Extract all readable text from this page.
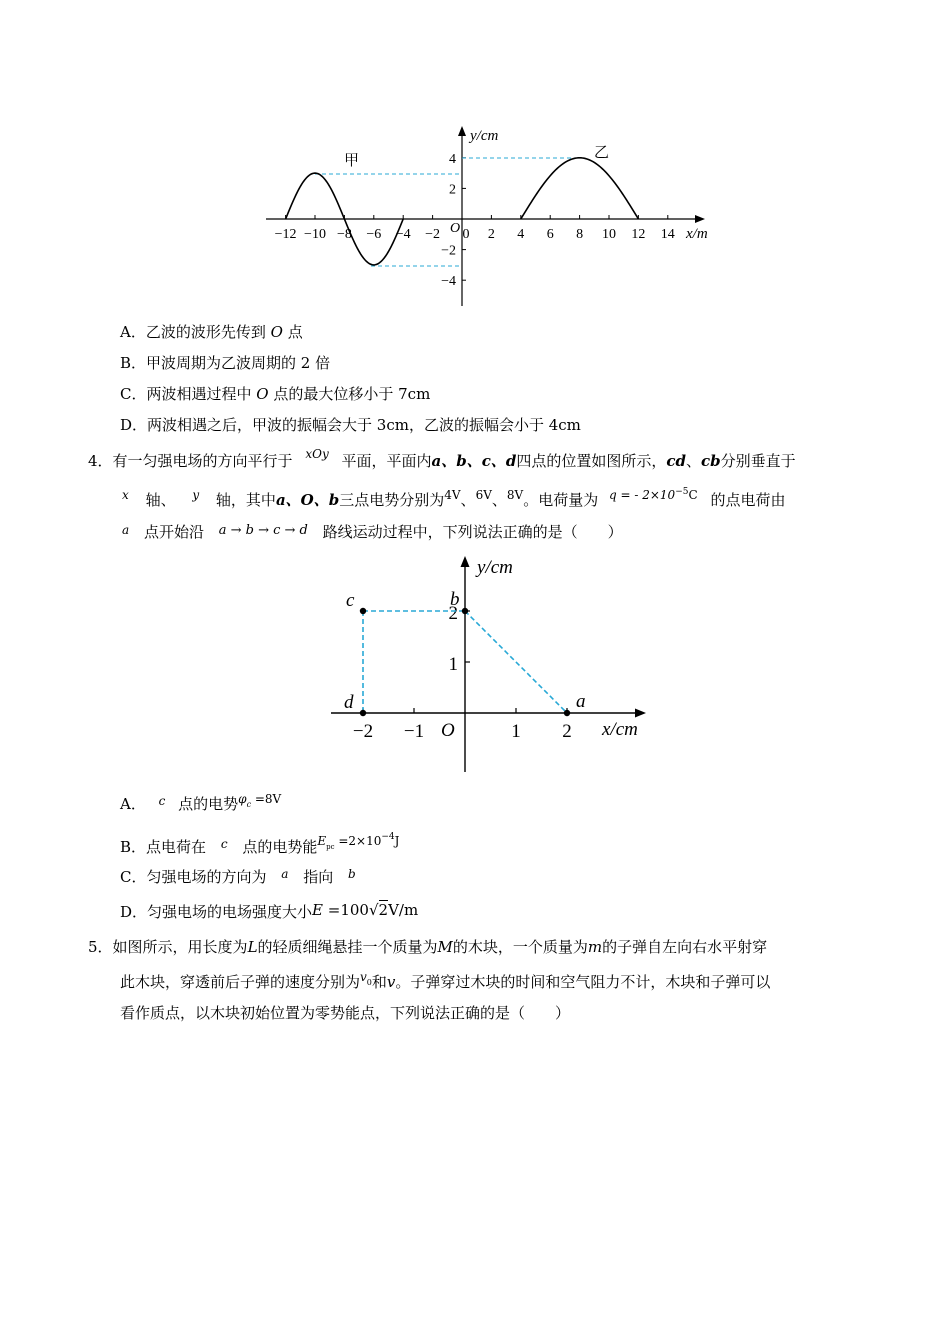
y/cm
x/m
O
−12 −10 −8 −6 −4 −2 0 2 4 6 8 10 12 14
4
2
−2
−4
甲	乙
A．乙波的波形先传到 O 点
B．甲波周期为乙波周期的 2 倍
C．两波相遇过程中 O 点的最大位移小于 7cm
D．两波相遇之后，甲波的振幅会大于 3cm，乙波的振幅会小于 4cm
4．有一匀强电场的方向平行于 $^{xOy}$ 平面，平面内a、b、c、d四点的位置如图所示，cd、cb分别垂直于
$^x$ 轴、 $^y$ 轴，其中a、O、b三点电势分别为$^{4V}$、$^{6V}$、$^{8V}$。电荷量为 $^{q = - 2\times 10^{-5}C}$ 的点电荷由
$^a$ 点开始沿 a → b → c → d 路线运动过程中，下列说法正确的是（　　）
y/cm
x/cm
O
−2 −1	1 2
1
2
c	b
d	a
A． $^c$ 点的电势$\varphi_c =8V$
B．点电荷在 $^c$ 点的电势能$E_{pc} =2\times 10^{-4}J$
C．匀强电场的方向为 $^a$ 指向 $^b$
D．匀强电场的电场强度大小E =100√2V/m
5．如图所示，用长度为L的轻质细绳悬挂一个质量为M的木块，一个质量为m的子弹自左向右水平射穿
此木块，穿透前后子弹的速度分别为$v_0$和v。子弹穿过木块的时间和空气阻力不计，木块和子弹可以
看作质点，以木块初始位置为零势能点，下列说法正确的是（　　）
